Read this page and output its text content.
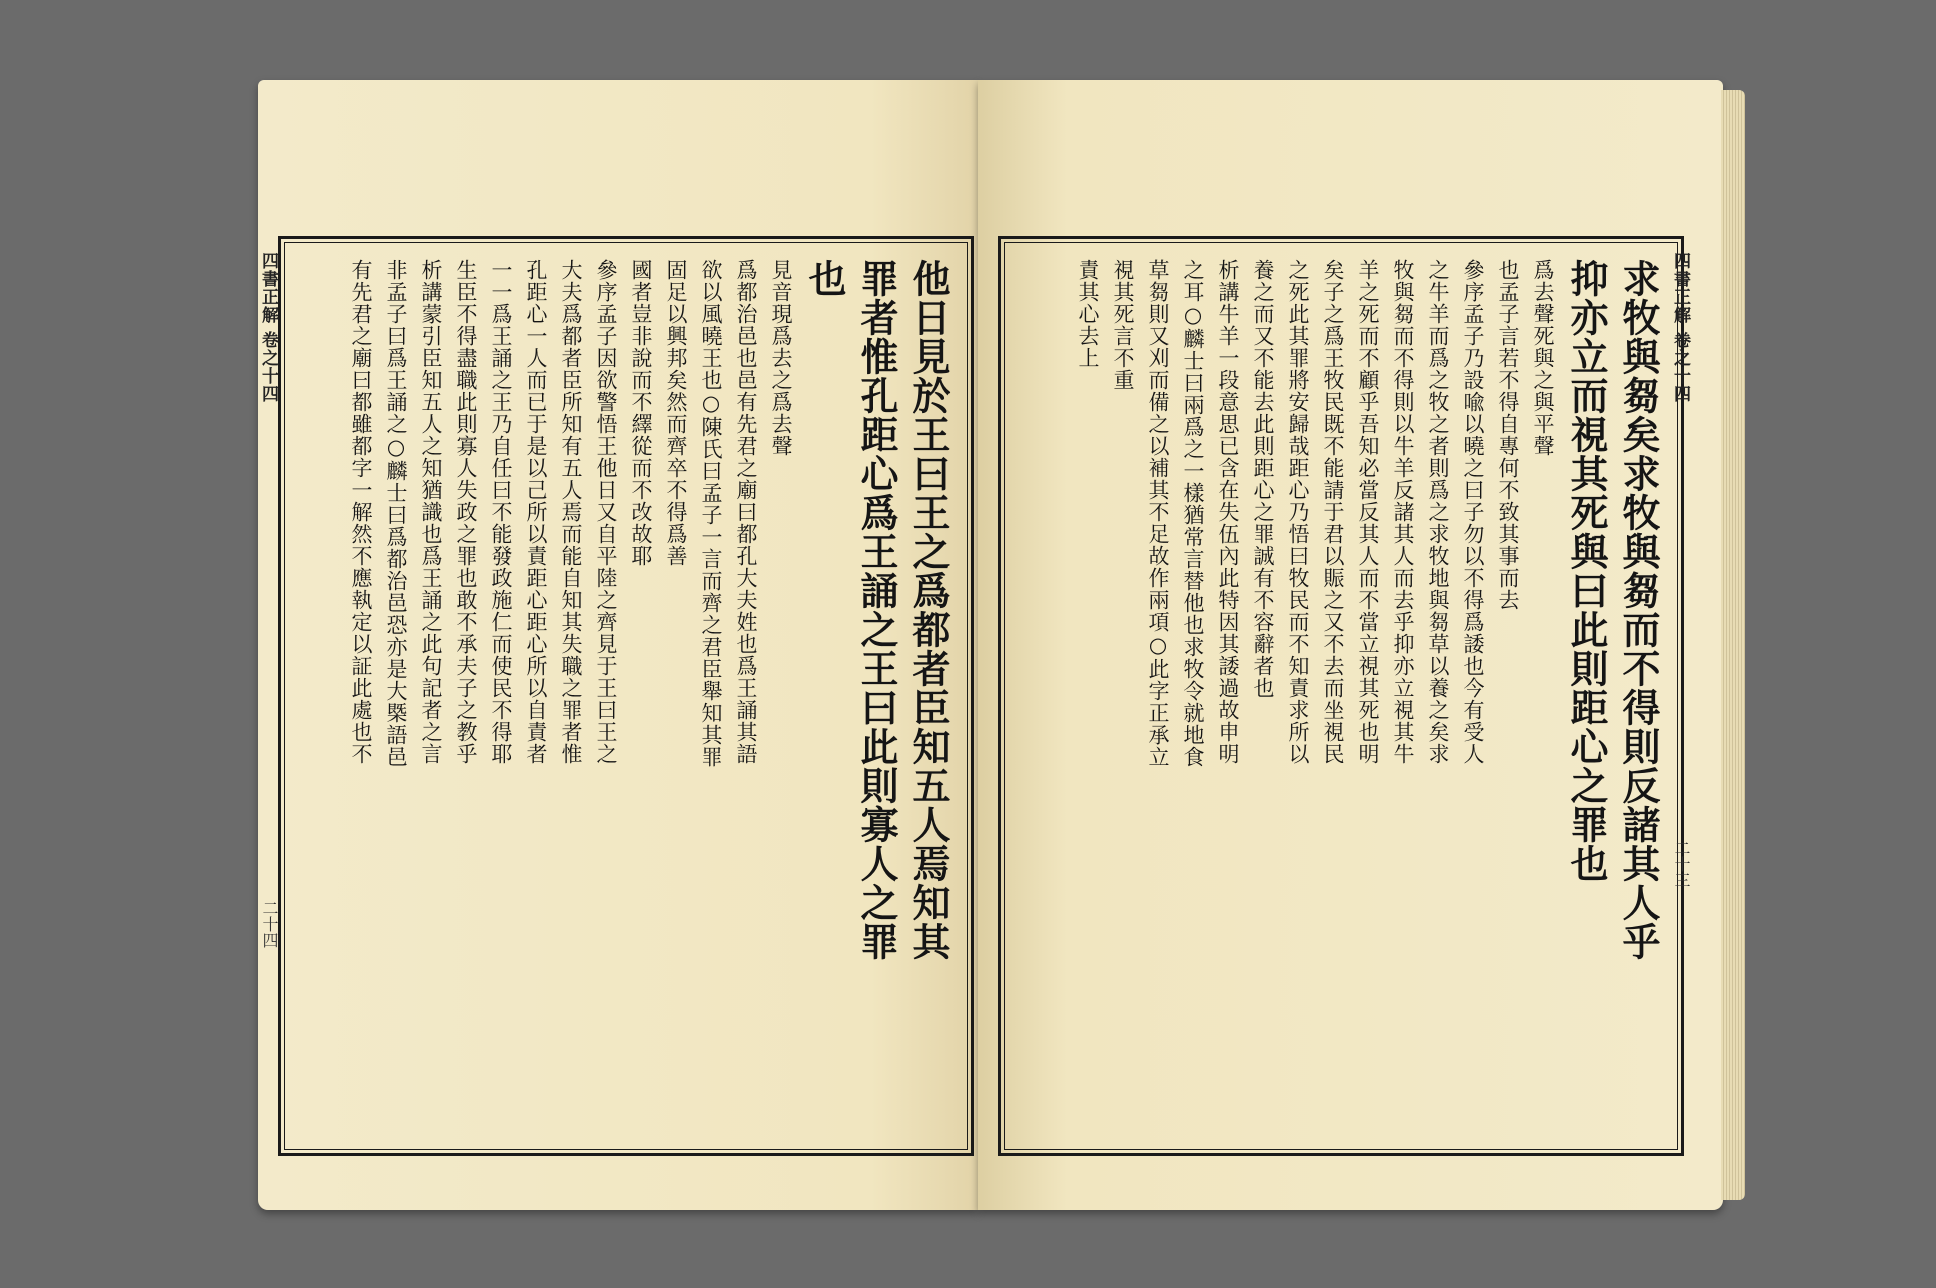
他日見於王曰王之爲都者臣知五人焉知其
罪者惟孔距心爲王誦之王曰此則寡人之罪
也
見音現爲去之爲去聲
爲都治邑也邑有先君之廟曰都孔大夫姓也爲王誦其語
欲以風曉王也○陳氏曰孟子一言而齊之君臣舉知其罪
固足以興邦矣然而齊卒不得爲善
國者豈非說而不繹從而不改故耶
參序孟子因欲警悟王他日又自平陸之齊見于王曰王之
大夫爲都者臣所知有五人焉而能自知其失職之罪者惟
孔距心一人而已于是以己所以責距心距心所以自責者
一一爲王誦之王乃自任曰不能發政施仁而使民不得耶
生臣不得盡職此則寡人失政之罪也敢不承夫子之教乎
析講蒙引臣知五人之知猶識也爲王誦之此句記者之言
非孟子曰爲王誦之○麟士曰爲都治邑恐亦是大槩語邑
有先君之廟曰都雖都字一解然不應執定以証此處也不
四書正解 卷之十四
二十四	求牧與芻矣求牧與芻而不得則反諸其人乎
抑亦立而視其死與曰此則距心之罪也
爲去聲死與之與平聲
也孟子言若不得自專何不致其事而去
參序孟子乃設喩以曉之曰子勿以不得爲諉也今有受人
之牛羊而爲之牧之者則爲之求牧地與芻草以養之矣求
牧與芻而不得則以牛羊反諸其人而去乎抑亦立視其牛
羊之死而不顧乎吾知必當反其人而不當立視其死也明
矣子之爲王牧民既不能請于君以賑之又不去而坐視民
之死此其罪將安歸哉距心乃悟曰牧民而不知責求所以
養之而又不能去此則距心之罪誠有不容辭者也
析講牛羊一段意思已含在失伍內此特因其諉過故申明
之耳○麟士曰兩爲之一樣猶常言替他也求牧令就地食
草芻則又刈而備之以補其不足故作兩項○此字正承立
視其死言不重
責其心去上	四書正解 卷之十四
二十三
